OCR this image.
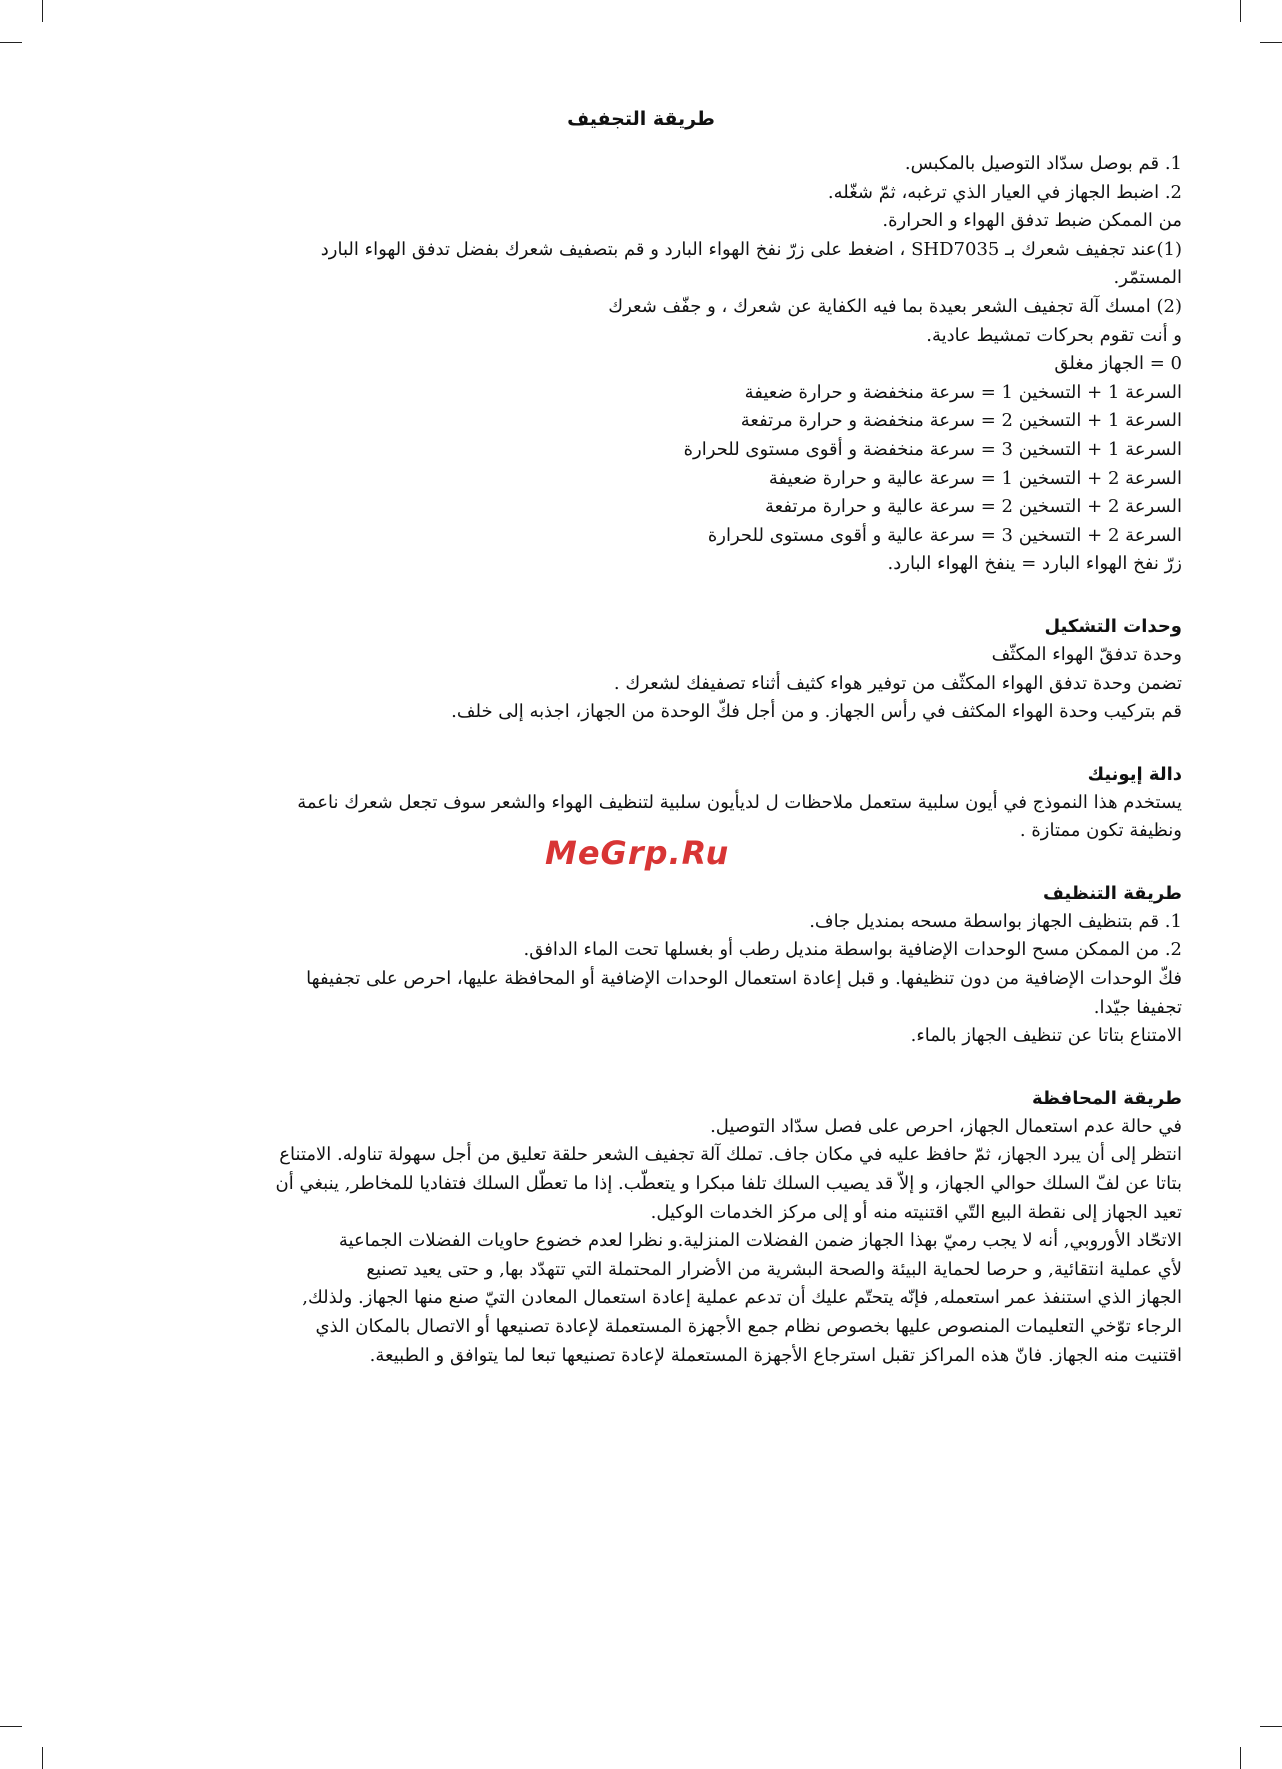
طريقة التجفيف
1. قم بوصل سدّاد التوصيل بالمكبس.
2. اضبط الجهاز في العيار الذي ترغبه، ثمّ شغّله.
من الممكن ضبط تدفق الهواء و الحرارة.
(1)عند تجفيف شعرك بـ SHD7035 ، اضغط على زرّ نفخ الهواء البارد و قم بتصفيف شعرك بفضل تدفق الهواء البارد
المستمّر.
(2) امسك آلة تجفيف الشعر بعيدة بما فيه الكفاية عن شعرك ، و جفّف شعرك
و أنت تقوم بحركات تمشيط عادية.
0 = الجهاز مغلق
السرعة 1 + التسخين 1 = سرعة منخفضة و حرارة ضعيفة
السرعة 1 + التسخين 2 = سرعة منخفضة و حرارة مرتفعة
السرعة 1 + التسخين 3 = سرعة منخفضة و أقوى مستوى للحرارة
السرعة 2 + التسخين 1 = سرعة عالية و حرارة ضعيفة
السرعة 2 + التسخين 2 = سرعة عالية و حرارة مرتفعة
السرعة 2 + التسخين 3 = سرعة عالية و أقوى مستوى للحرارة
زرّ نفخ الهواء البارد = ينفخ الهواء البارد.
وحدات التشكيل
وحدة تدفقّ الهواء المكثّف
تضمن وحدة تدفق الهواء المكثّف من توفير هواء كثيف أثناء تصفيفك لشعرك .
قم بتركيب وحدة الهواء المكثف في رأس الجهاز. و من أجل فكّ الوحدة من الجهاز، اجذبه إلى خلف.
دالة إيونيك
يستخدم هذا النموذج في أيون سلبية ستعمل ملاحظات ل لديأيون سلبية لتنظيف الهواء والشعر سوف تجعل شعرك ناعمة
ونظيفة تكون ممتازة .
طريقة التنظيف
1. قم بتنظيف الجهاز بواسطة مسحه بمنديل جاف.
2. من الممكن مسح الوحدات الإضافية بواسطة منديل رطب أو بغسلها تحت الماء الدافق.
فكّ الوحدات الإضافية من دون تنظيفها. و قبل إعادة استعمال الوحدات الإضافية أو المحافظة عليها، احرص على تجفيفها
تجفيفا جيّدا.
الامتناع بتاتا عن تنظيف الجهاز بالماء.
طريقة المحافظة
في حالة عدم استعمال الجهاز، احرص على فصل سدّاد التوصيل.
انتظر إلى أن يبرد الجهاز، ثمّ حافظ عليه في مكان جاف. تملك آلة تجفيف الشعر حلقة تعليق من أجل سهولة تناوله. الامتناع
بتاتا عن لفّ السلك حوالي الجهاز، و إلاّ قد يصيب السلك تلفا مبكرا و يتعطّب. إذا ما تعطّل السلك فتفاديا للمخاطر, ينبغي أن
تعيد الجهاز إلى نقطة البيع التّي اقتنيته منه أو إلى مركز الخدمات الوكيل.
الاتحّاد الأوروبي, أنه لا يجب رميّ بهذا الجهاز ضمن الفضلات المنزلية.و نظرا لعدم خضوع حاويات الفضلات الجماعية
لأي عملية انتقائية, و حرصا لحماية البيئة والصحة البشرية من الأضرار المحتملة التي تتهدّد بها, و حتى يعيد تصنيع
الجهاز الذي استنفذ عمر استعمله, فإنّه يتحتّم عليك أن تدعم عملية إعادة استعمال المعادن التيّ صنع منها الجهاز. ولذلك,
الرجاء توّخي التعليمات المنصوص عليها بخصوص نظام جمع الأجهزة المستعملة لإعادة تصنيعها أو الاتصال بالمكان الذي
اقتنيت منه الجهاز. فانّ هذه المراكز تقبل استرجاع الأجهزة المستعملة لإعادة تصنيعها تبعا لما يتوافق و الطبيعة.
MeGrp.Ru
